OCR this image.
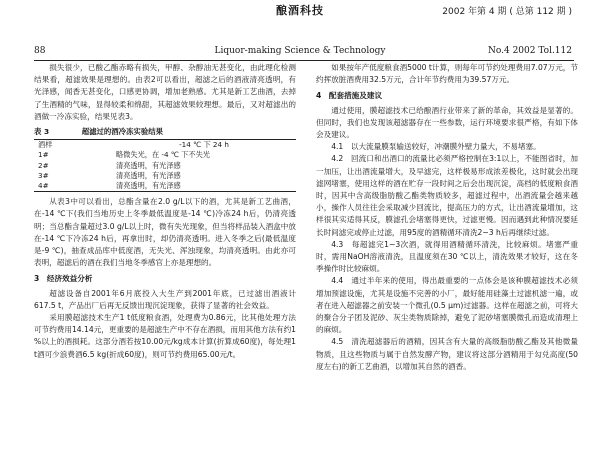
88
酿酒科技
Liquor-making Science & Technology
2002 年第 4 期 ( 总第 112 期 )
No.4 2002 Tol.112

损失很少，已酸乙酯赤略有损失，甲醇、杂醇油无甚变化，由此理化检测结果看，超滤效果是理想的。由表2可以看出，超滤之后的酒液清亮透明，有光泽感，闻香无甚变化，口感更协调，增加老熟感。尤其是新工艺曲酒，去掉了生酒精的气味，显得较柔和绵甜，其超滤效果较理想。最后，又对超滤出的酒做一冷冻实验，结果见表3。

表 3	超滤过的酒冷冻实验结果
酒样	-14 ℃ 下 24 h
1#	略微失光，在 -4 ℃ 下不失光
2#	清亮透明，有光泽感
3#	清亮透明，有光泽感
4#	清亮透明，有光泽感

从表3中可以看出，总酯含量在2.0 g/L以下的酒，尤其是新工艺曲酒，在-14 ℃下(我们当地历史上冬季最低温度是-14 ℃)冷冻24 h后，仍清亮透明；当总酯含量超过3.0 g/L以上时，微有失光现象，但当将样品装入酒盒中放在-14 ℃下冷冻24 h后，再拿出时，却仍清亮透明。进入冬季之后(最低温度是-9 ℃)，抽查成品库中低度酒，无失光、浑浊现象，均清亮透明。由此亦可表明，超滤后的酒在我们当地冬季感官上亦是理想的。

3　经济效益分析

超滤设备自2001年6月底投入大生产到2001年底，已过滤出酒液计617.5 t，产品出厂后再无反馈出现沉淀现象，获得了显著的社会效益。

采用膜超滤技术生产1 t低度粮食酒，处理费为0.86元，比其他处理方法可节约费用14.14元，更重要的是超滤生产中不存在酒损，而用其他方法有约1 %以上的酒损耗。这部分酒若按10.00元/kg成本计算(折算成60度)，每处理1 t酒可少浪费酒6.5 kg(折成60度)，则可节约费用65.00元/t。

如果按年产低度粮食酒5000 t计算，则每年可节约处理费用7.07万元，节约挥放脏酒费用32.5万元，合计年节约费用为39.57万元。

4　配套措施及建议

通过使用，膜超滤技术已给酿酒行业带来了新的革命，其效益是显著的。但同时，我们也发现该超滤器存在一些参数，运行环境要求很严格，有如下体会及建议。

4.1　以大流量膜泵输送较好，冲潮膜外壁力量大，不易堵塞。

4.2　回流口和出酒口的流量比必须严格控制在3:1以上，不能图省时，加一加压，让出酒流量增大，及早滤完，这样极易形成浓差极化，这时就会出现滤网堵塞，使用这样的酒在贮存一段时间之后会出现沉淀，高档的低度粮食酒时，因其中含高级脂肪酸乙酯类物质较多，超滤过程中，出酒流量会越来越小，操作人员往往会采取减少回流比，提高压力的方式，让出酒流量增加，这样很其实适得其反，膜滤孔会堵塞得更快，过滤更慢。因而遇到此种情况要延长时间滤完或停止过滤，用95度的酒精循环清洗2~3 h后再继续过滤。

4.3　每超滤完1~3次酒，就得用酒精循环清洗，比较麻烦。堵塞严重时，需用NaOH溶液清洗，且温度须在30 ℃以上，清洗效果才较好，这在冬季操作时比较麻烦。

4.4　通过半年来的使用，得出最重要的一点体会是该种膜超滤技术必须增加预滤设施，尤其是设施不完善的小厂，最好能用硅藻土过滤机滤一遍，或者在进入超滤器之前安装一个微孔(0.5 μm)过滤器。这样在超滤之前，可将大的聚合分子团及泥砂、灰尘类物质除掉，避免了泥砂堵塞膜微孔而造成清理上的麻烦。

4.5　清洗超滤器后的酒精，因其含有大量的高级脂肪酸乙酯及其他微量物质，且这些物质与属于自然发酵产物，建议将这部分酒精用于勾兑高度(50度左右)的新工艺曲酒，以增加其自然的酒香。
